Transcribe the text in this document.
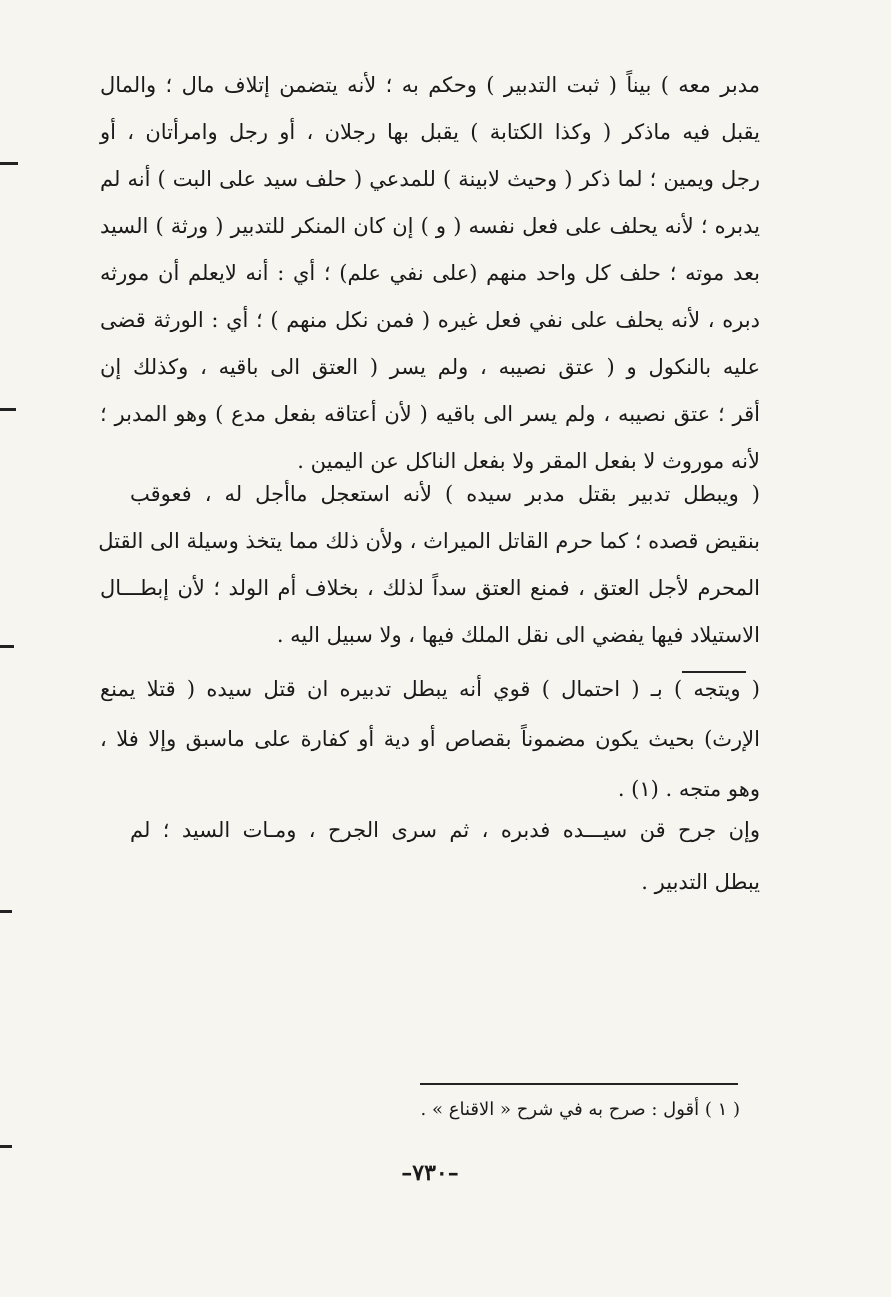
مدبر معه ) بيناً ( ثبت التدبير ) وحكم به ؛ لأنه يتضمن إتلاف مال ؛ والمال
يقبل فيه ماذكر ( وكذا الكتابة ) يقبل بها رجلان ، أو رجل وامرأتان ، أو
رجل ويمين ؛ لما ذكر ( وحيث لابينة ) للمدعي ( حلف سيد على البت ) أنه لم
يدبره ؛ لأنه يحلف على فعل نفسه ( و ) إن كان المنكر للتدبير ( ورثة ) السيد
بعد موته ؛ حلف كل واحد منهم (على نفي علم) ؛ أي : أنه لايعلم أن مورثه
دبره ، لأنه يحلف على نفي فعل غيره ( فمن نكل منهم ) ؛ أي : الورثة قضى
عليه بالنكول و ( عتق نصيبه ، ولم يسر ( العتق الى باقيه ، وكذلك إن
أقر ؛ عتق نصيبه ، ولم يسر الى باقيه ( لأن أعتاقه بفعل مدع ) وهو المدبر ؛
لأنه موروث لا بفعل المقر ولا بفعل الناكل عن اليمين .
( ويبطل تدبير بقتل مدبر سيده ) لأنه استعجل ماأجل له ، فعوقب
بنقيض قصده ؛ كما حرم القاتل الميراث ، ولأن ذلك مما يتخذ وسيلة الى القتل
المحرم لأجل العتق ، فمنع العتق سداً لذلك ، بخلاف أم الولد ؛ لأن إبطـــال
الاستيلاد فيها يفضي الى نقل الملك فيها ، ولا سبيل اليه .
( ويتجه ) بـ ( احتمال ) قوي أنه يبطل تدبيره ان قتل سيده ( قتلا يمنع
الإرث) بحيث يكون مضموناً بقصاص أو دية أو كفارة على ماسبق وإلا فلا ،
وهو متجه . (١) .
وإن جرح قن سيـــده فدبره ، ثم سرى الجرح ، ومـات السيد ؛ لم
يبطل التدبير .
( ١ ) أقول : صرح به في شرح « الاقناع » .
–٧٣٠–
